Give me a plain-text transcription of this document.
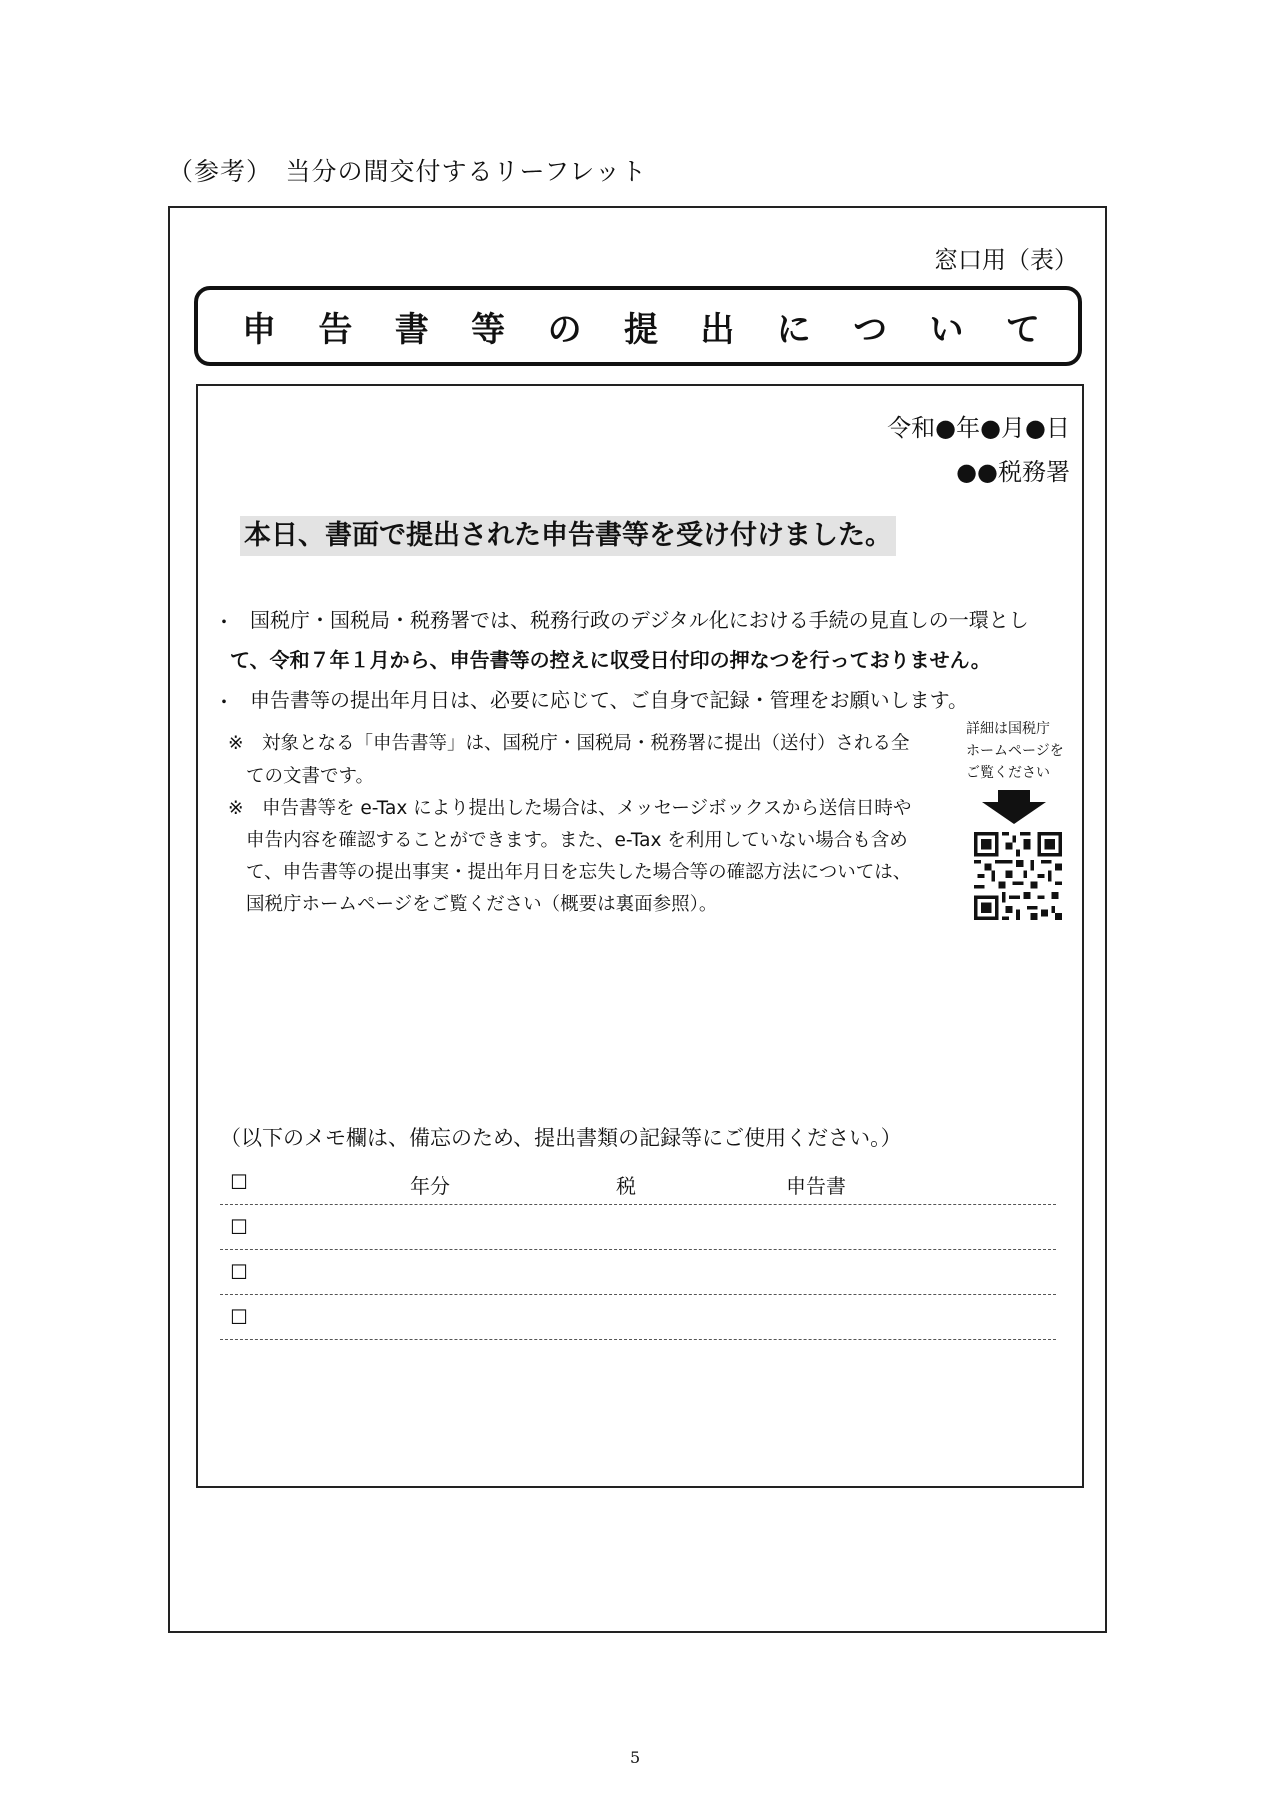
（参考）　当分の間交付するリーフレット
窓口用（表）
申 告 書 等 の 提 出 に つ い て
令和●年●月●日
●●税務署
本日、書面で提出された申告書等を受け付けました。
・ 国税庁・国税局・税務署では、税務行政のデジタル化における手続の見直しの一環とし
て、令和７年１月から、申告書等の控えに収受日付印の押なつを行っておりません。
・ 申告書等の提出年月日は、必要に応じて、ご自身で記録・管理をお願いします。
※　対象となる「申告書等」は、国税庁・国税局・税務署に提出（送付）される全
ての文書です。
※　申告書等を e-Tax により提出した場合は、メッセージボックスから送信日時や
申告内容を確認することができます。また、e-Tax を利用していない場合も含め
て、申告書等の提出事実・提出年月日を忘失した場合等の確認方法については、
国税庁ホームページをご覧ください（概要は裏面参照）。
詳細は国税庁
ホームページを
ご覧ください
（以下のメモ欄は、備忘のため、提出書類の記録等にご使用ください。）
☐	年分	税	申告書
☐
☐
☐
5
